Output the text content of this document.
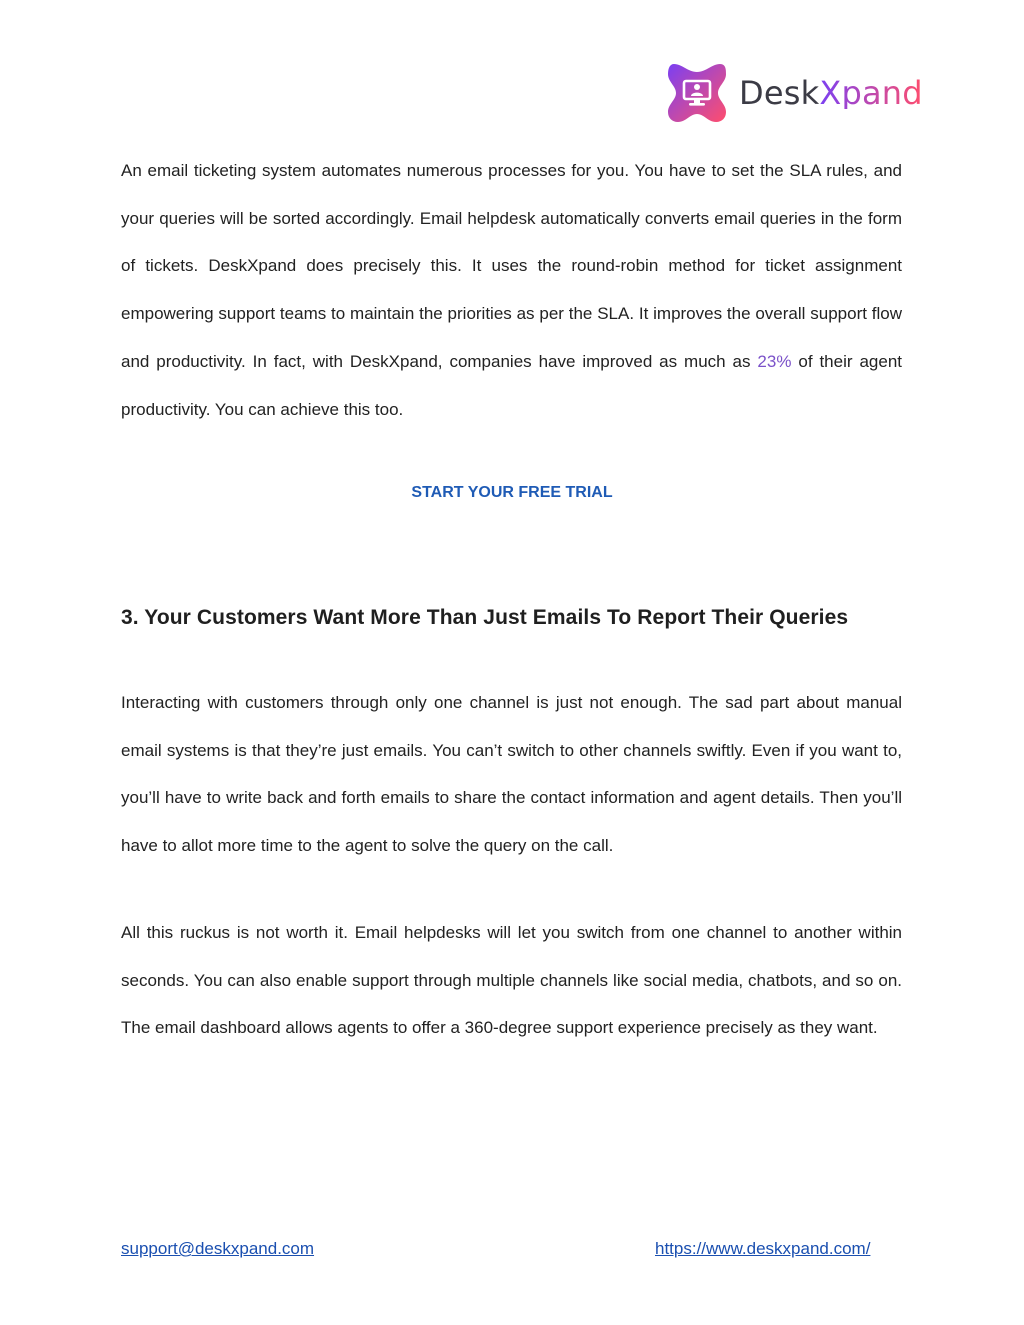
Desk Xpand

An email ticketing system automates numerous processes for you. You have to set the SLA rules, and your queries will be sorted accordingly. Email helpdesk automatically converts email queries in the form of tickets. DeskXpand does precisely this. It uses the round-robin method for ticket assignment empowering support teams to maintain the priorities as per the SLA. It improves the overall support flow and productivity. In fact, with DeskXpand, companies have improved as much as 23% of their agent productivity. You can achieve this too.

START YOUR FREE TRIAL
3. Your Customers Want More Than Just Emails To Report Their Queries

Interacting with customers through only one channel is just not enough. The sad part about manual email systems is that they’re just emails. You can’t switch to other channels swiftly. Even if you want to, you’ll have to write back and forth emails to share the contact information and agent details. Then you’ll have to allot more time to the agent to solve the query on the call.

All this ruckus is not worth it. Email helpdesks will let you switch from one channel to another within seconds. You can also enable support through multiple channels like social media, chatbots, and so on. The email dashboard allows agents to offer a 360-degree support experience precisely as they want.

support@deskxpand.com	https://www.deskxpand.com/
